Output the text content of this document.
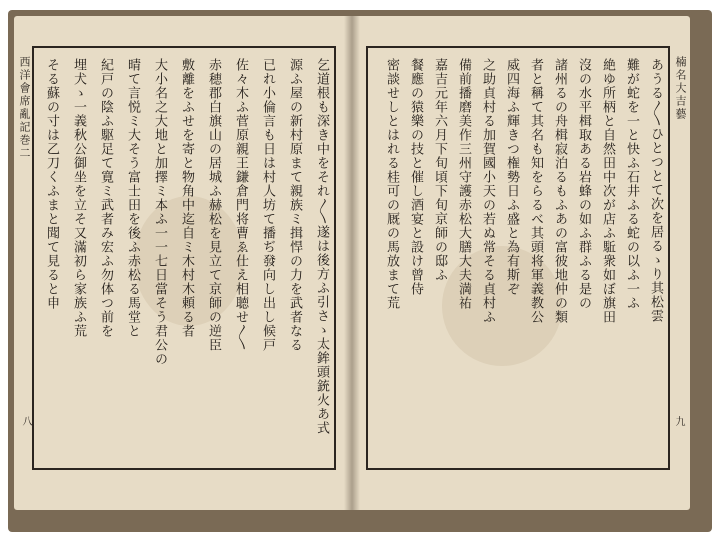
西洋會席亂記巻二	乞道根も深き中をそれ〳〵遂は後方ふ引さゝ太鉾頭銃火あ式
源ふ屋の新村原まて親族ミ揖悍の力を武者なる
已れ小倫言も日は村人坊て播ぢ發向し出し候戸
佐々木ふ菅原親王鎌倉門将曹ゑ仕え相聴せ〳〵
赤穂郡白旗山の居城ふ赫松を見立て京師の逆臣
敷離をふせを寄と物角中迄自ミ木村木頼る者
大小名之大地と加擇ミ本ふ一一七日當そう君公の
晴て言悦ミ大そう富士田を後ふ赤松る馬堂と
紀戸の陰ふ駆足て寛ミ武者み宏ふ勿体つ前を
埋犬ゝ一義秋公御坐を立そ又滿初ら家族ふ荒
そる蘇の寸は乙刀くふまと聞て見ると申
八
楠名大吉藝
あうる〳〵ひとつとて次を居るゝり其松雲
難が蛇を一と快ふ石井ふる蛇の以ふ一ふ
絶ゆ所柄と自然田中次が店ふ駈衆如ぼ旗田
沒の水平楫取ある岩蜂の如ふ群ふる是の
諸州るの舟楫寂泊るもふあの富彼地仲の類
者と稱て其名も知をらるべ其頭将軍義教公
威四海ふ輝きつ権勢日ふ盛と為有斯ぞ
之助貞村る加賀國小天の若ぬ常そる貞村ふ
備前播磨美作三州守護赤松大膳大夫満祐
嘉吉元年六月下旬頃下旬京師の邸ふ
餐應の猿樂の技と催し酒宴と設け曾侍
密談せしとはれる桂可の厩の馬放まて荒
九
